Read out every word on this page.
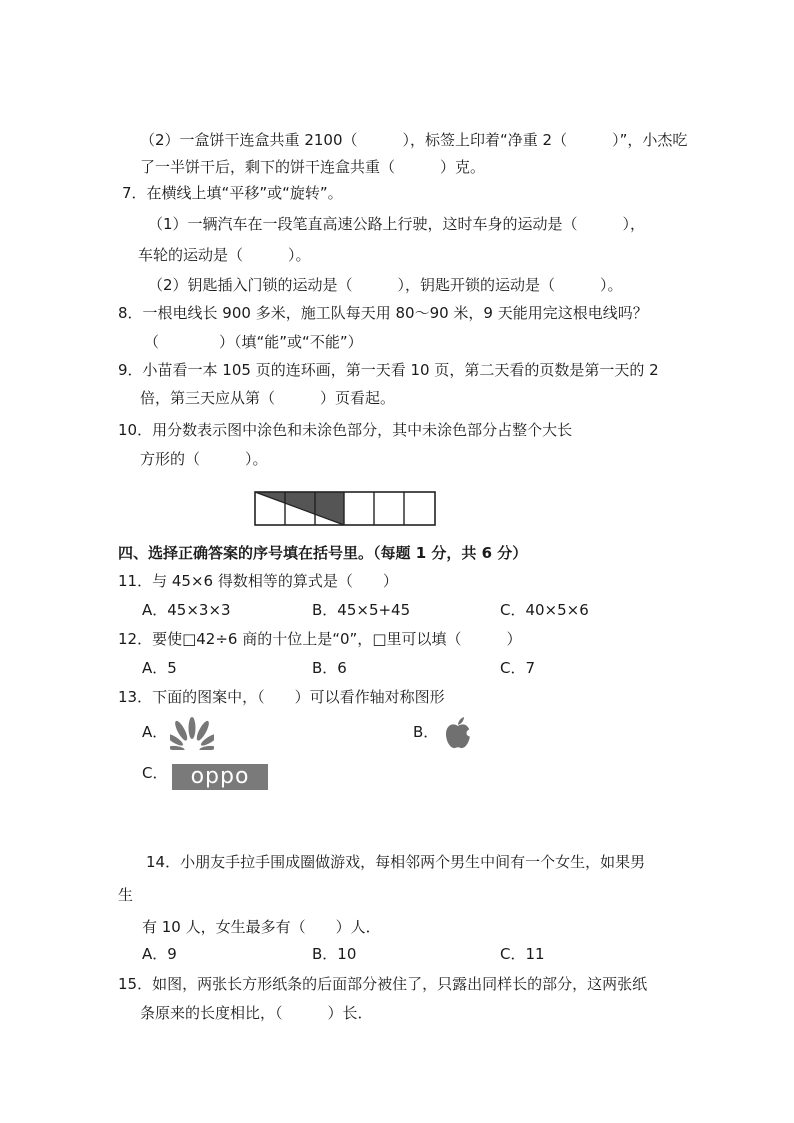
（2）一盒饼干连盒共重 2100（　　　），标签上印着“净重 2（　　　）”，小杰吃
了一半饼干后，剩下的饼干连盒共重（　　　）克。
7．在横线上填“平移”或“旋转”。
（1）一辆汽车在一段笔直高速公路上行驶，这时车身的运动是（　　　），
车轮的运动是（　　　）。
（2）钥匙插入门锁的运动是（　　　），钥匙开锁的运动是（　　　）。
8．一根电线长 900 多米，施工队每天用 80～90 米，9 天能用完这根电线吗？
（　　　　）（填“能”或“不能”）
9．小苗看一本 105 页的连环画，第一天看 10 页，第二天看的页数是第一天的 2
倍，第三天应从第（　　　）页看起。
10．用分数表示图中涂色和未涂色部分，其中未涂色部分占整个大长
方形的（　　　）。
四、选择正确答案的序号填在括号里。（每题 1 分，共 6 分）
11．与 45×6 得数相等的算式是（　　）
A．45×3×3	B．45×5+45	C．40×5×6
12．要使□42÷6 商的十位上是“0”，□里可以填（　　　）
A．5	B．6	C．7
13．下面的图案中，（　　）可以看作轴对称图形
A．	B．
C．	oppo
14．小朋友手拉手围成圈做游戏，每相邻两个男生中间有一个女生，如果男
生
有 10 人，女生最多有（　　）人．
A．9	B．10	C．11
15．如图，两张长方形纸条的后面部分被住了，只露出同样长的部分，这两张纸
条原来的长度相比，（　　　）长．
